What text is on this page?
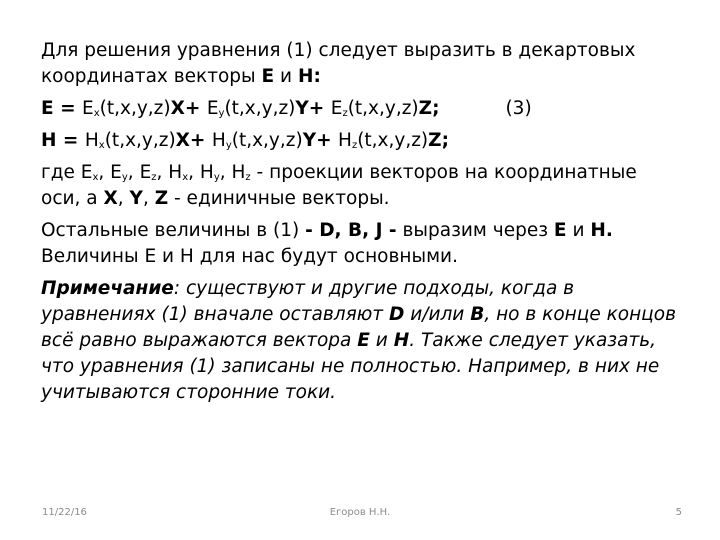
Для решения уравнения (1) следует выразить в декартовых координатах векторы E и H:

$E = E_x(t,x,y,z)X+ E_y(t,x,y,z)Y+ E_z(t,x,y,z)Z$;	(3)

$H = H_x(t,x,y,z)X+ H_y(t,x,y,z)Y+ H_z(t,x,y,z)Z$;

где $E_x$, $E_y$, $E_z$, $H_x$, $H_y$, $H_z$ - проекции векторов на координатные оси, а X, Y, Z - единичные векторы.

Остальные величины в (1) - D, B, J - выразим через E и H.
Величины E и H для нас будут основными.

Примечание: существуют и другие подходы, когда в уравнениях (1) вначале оставляют D и/или B, но в конце концов всё равно выражаются вектора E и H. Также следует указать, что уравнения (1) записаны не полностью. Например, в них не учитываются сторонние токи.

11/22/16	Егоров Н.Н.	5
